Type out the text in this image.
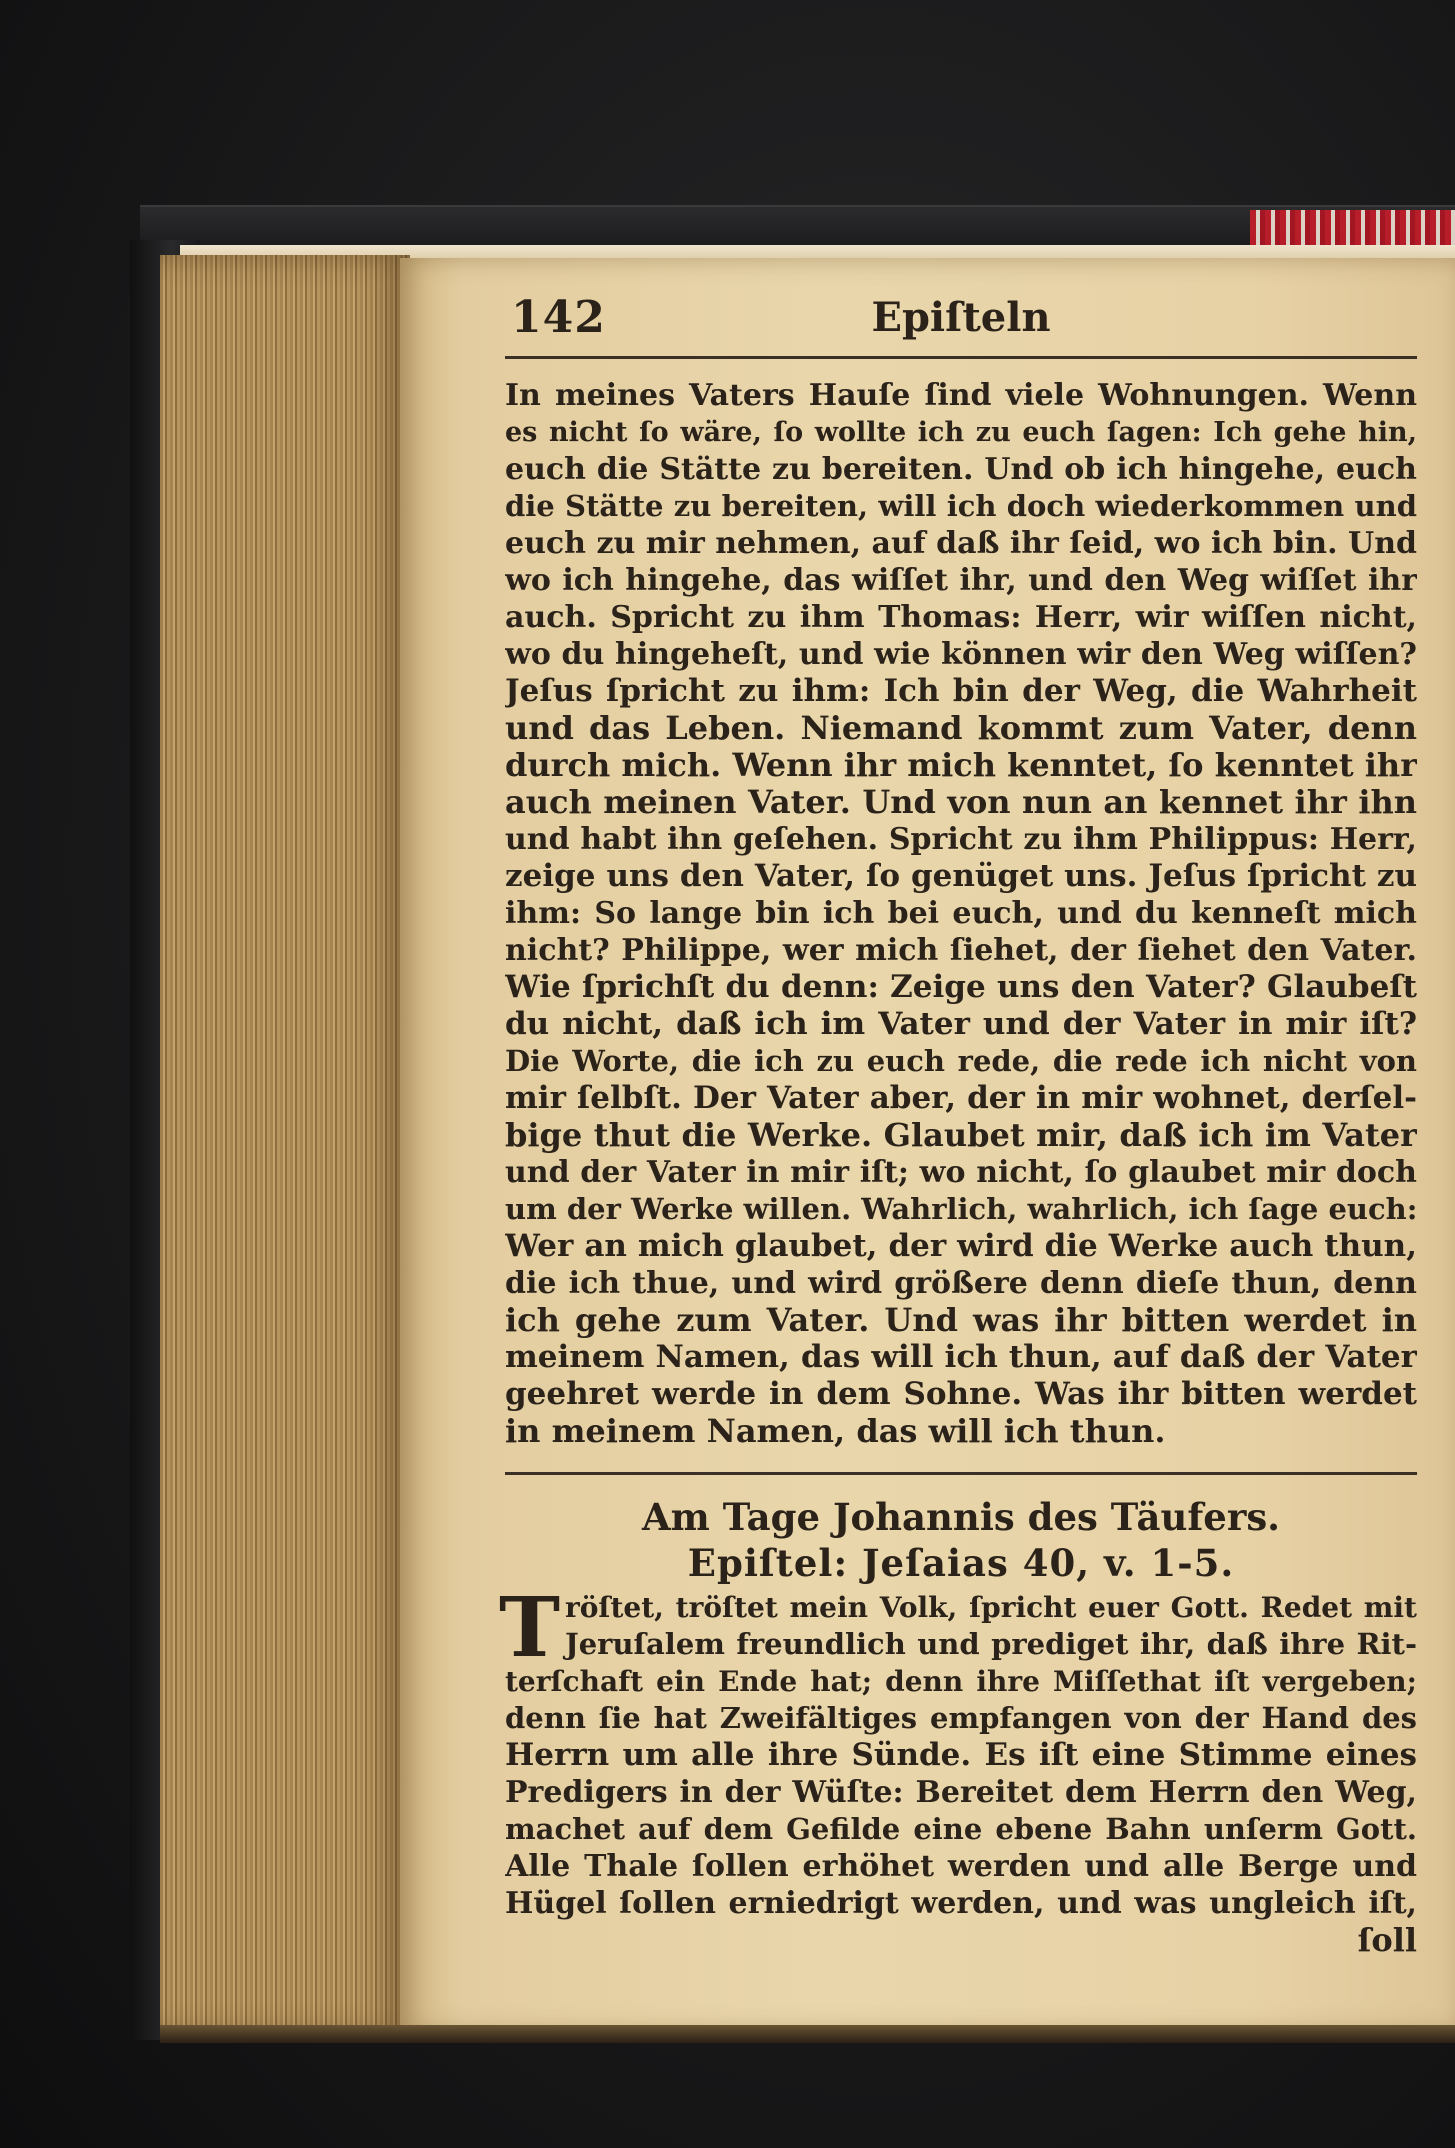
142	Epiſteln
In meines Vaters Hauſe ſind viele Wohnungen. Wenn
es nicht ſo wäre, ſo wollte ich zu euch ſagen: Ich gehe hin,
euch die Stätte zu bereiten. Und ob ich hingehe, euch
die Stätte zu bereiten, will ich doch wiederkommen und
euch zu mir nehmen, auf daß ihr ſeid, wo ich bin. Und
wo ich hingehe, das wiſſet ihr, und den Weg wiſſet ihr
auch. Spricht zu ihm Thomas: Herr, wir wiſſen nicht,
wo du hingeheſt, und wie können wir den Weg wiſſen?
Jeſus ſpricht zu ihm: Ich bin der Weg, die Wahrheit
und das Leben. Niemand kommt zum Vater, denn
durch mich. Wenn ihr mich kenntet, ſo kenntet ihr
auch meinen Vater. Und von nun an kennet ihr ihn
und habt ihn geſehen. Spricht zu ihm Philippus: Herr,
zeige uns den Vater, ſo genüget uns. Jeſus ſpricht zu
ihm: So lange bin ich bei euch, und du kenneſt mich
nicht? Philippe, wer mich ſiehet, der ſiehet den Vater.
Wie ſprichſt du denn: Zeige uns den Vater? Glaubeſt
du nicht, daß ich im Vater und der Vater in mir iſt?
Die Worte, die ich zu euch rede, die rede ich nicht von
mir ſelbſt. Der Vater aber, der in mir wohnet, derſel-
bige thut die Werke. Glaubet mir, daß ich im Vater
und der Vater in mir iſt; wo nicht, ſo glaubet mir doch
um der Werke willen. Wahrlich, wahrlich, ich ſage euch:
Wer an mich glaubet, der wird die Werke auch thun,
die ich thue, und wird größere denn dieſe thun, denn
ich gehe zum Vater. Und was ihr bitten werdet in
meinem Namen, das will ich thun, auf daß der Vater
geehret werde in dem Sohne. Was ihr bitten werdet
in meinem Namen, das will ich thun.
Am Tage Johannis des Täufers.
Epiſtel: Jeſaias 40, v. 1-5.
T röſtet, tröſtet mein Volk, ſpricht euer Gott. Redet mit
Jeruſalem freundlich und prediget ihr, daß ihre Rit-
terſchaft ein Ende hat; denn ihre Miſſethat iſt vergeben;
denn ſie hat Zweifältiges empfangen von der Hand des
Herrn um alle ihre Sünde. Es iſt eine Stimme eines
Predigers in der Wüſte: Bereitet dem Herrn den Weg,
machet auf dem Gefilde eine ebene Bahn unſerm Gott.
Alle Thale ſollen erhöhet werden und alle Berge und
Hügel ſollen erniedrigt werden, und was ungleich iſt,
ſoll
